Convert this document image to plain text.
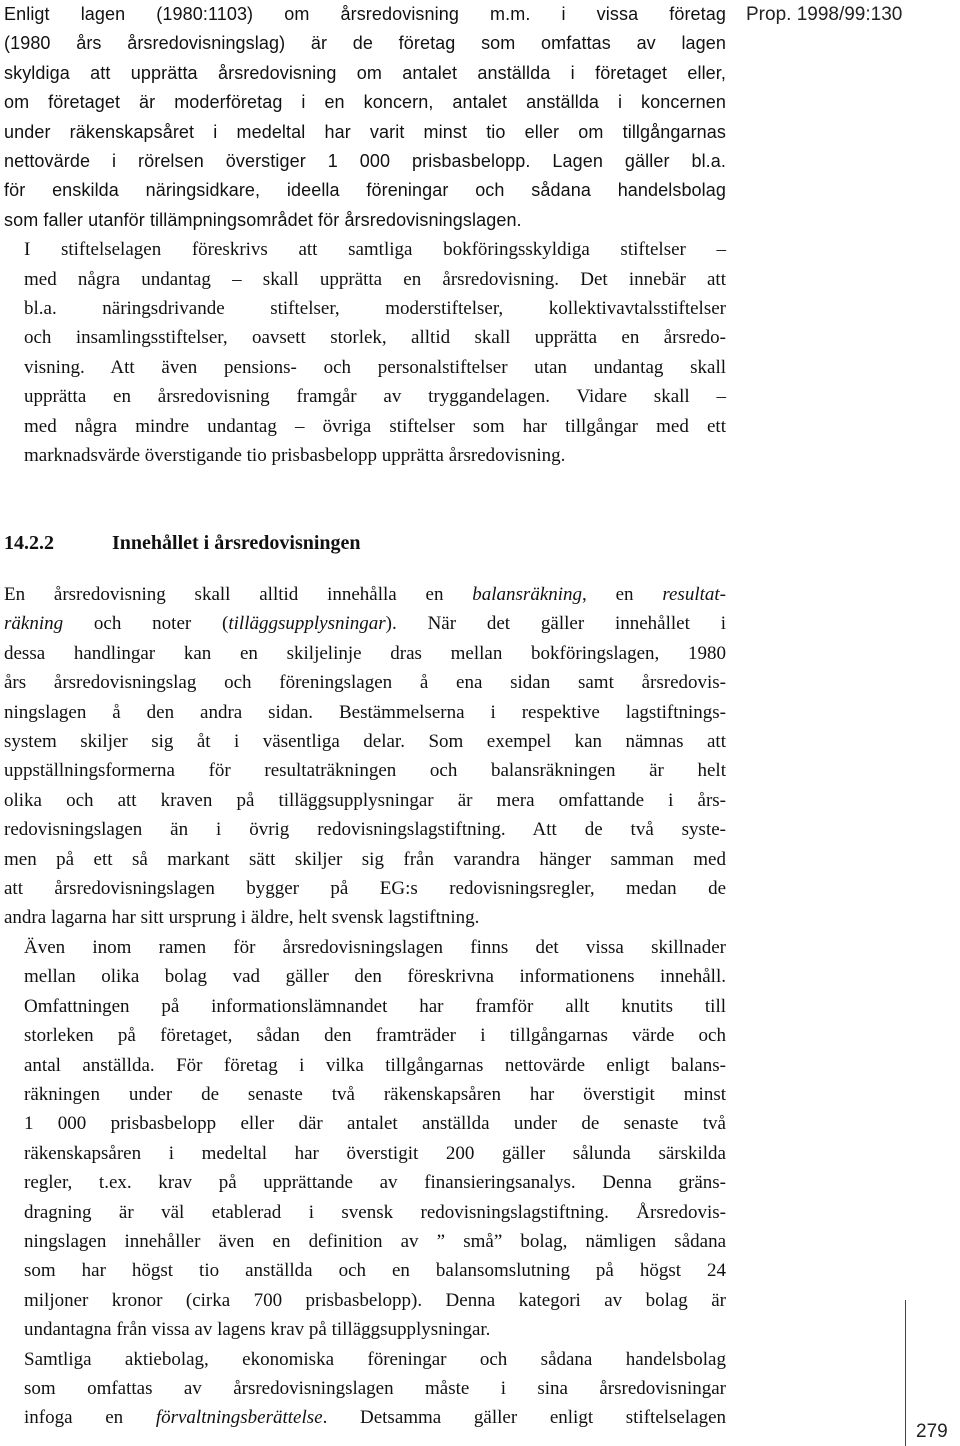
Prop. 1998/99:130

Enligt lagen (1980:1103) om årsredovisning m.m. i vissa företag
(1980 års årsredovisningslag) är de företag som omfattas av lagen
skyldiga att upprätta årsredovisning om antalet anställda i företaget eller,
om företaget är moderföretag i en koncern, antalet anställda i koncernen
under räkenskapsåret i medeltal har varit minst tio eller om tillgångarnas
nettovärde i rörelsen överstiger 1 000 prisbasbelopp. Lagen gäller bl.a.
för enskilda näringsidkare, ideella föreningar och sådana handelsbolag
som faller utanför tillämpningsområdet för årsredovisningslagen.

I stiftelselagen föreskrivs att samtliga bokföringsskyldiga stiftelser –
med några undantag – skall upprätta en årsredovisning. Det innebär att
bl.a. näringsdrivande stiftelser, moderstiftelser, kollektivavtalsstiftelser
och insamlingsstiftelser, oavsett storlek, alltid skall upprätta en årsredo-
visning. Att även pensions- och personalstiftelser utan undantag skall
upprätta en årsredovisning framgår av tryggandelagen. Vidare skall –
med några mindre undantag – övriga stiftelser som har tillgångar med ett
marknadsvärde överstigande tio prisbasbelopp upprätta årsredovisning.

14.2.2	Innehållet i årsredovisningen

En årsredovisning skall alltid innehålla en balansräkning, en resultat-
räkning och noter (tilläggsupplysningar). När det gäller innehållet i
dessa handlingar kan en skiljelinje dras mellan bokföringslagen, 1980
års årsredovisningslag och föreningslagen å ena sidan samt årsredovis-
ningslagen å den andra sidan. Bestämmelserna i respektive lagstiftnings-
system skiljer sig åt i väsentliga delar. Som exempel kan nämnas att
uppställningsformerna för resultaträkningen och balansräkningen är helt
olika och att kraven på tilläggsupplysningar är mera omfattande i års-
redovisningslagen än i övrig redovisningslagstiftning. Att de två syste-
men på ett så markant sätt skiljer sig från varandra hänger samman med
att årsredovisningslagen bygger på EG:s redovisningsregler, medan de
andra lagarna har sitt ursprung i äldre, helt svensk lagstiftning.

Även inom ramen för årsredovisningslagen finns det vissa skillnader
mellan olika bolag vad gäller den föreskrivna informationens innehåll.
Omfattningen på informationslämnandet har framför allt knutits till
storleken på företaget, sådan den framträder i tillgångarnas värde och
antal anställda. För företag i vilka tillgångarnas nettovärde enligt balans-
räkningen under de senaste två räkenskapsåren har överstigit minst
1 000 prisbasbelopp eller där antalet anställda under de senaste två
räkenskapsåren i medeltal har överstigit 200 gäller sålunda särskilda
regler, t.ex. krav på upprättande av finansieringsanalys. Denna gräns-
dragning är väl etablerad i svensk redovisningslagstiftning. Årsredovis-
ningslagen innehåller även en definition av ” små” bolag, nämligen sådana
som har högst tio anställda och en balansomslutning på högst 24
miljoner kronor (cirka 700 prisbasbelopp). Denna kategori av bolag är
undantagna från vissa av lagens krav på tilläggsupplysningar.

Samtliga aktiebolag, ekonomiska föreningar och sådana handelsbolag
som omfattas av årsredovisningslagen måste i sina årsredovisningar
infoga en förvaltningsberättelse. Detsamma gäller enligt stiftelselagen

279
